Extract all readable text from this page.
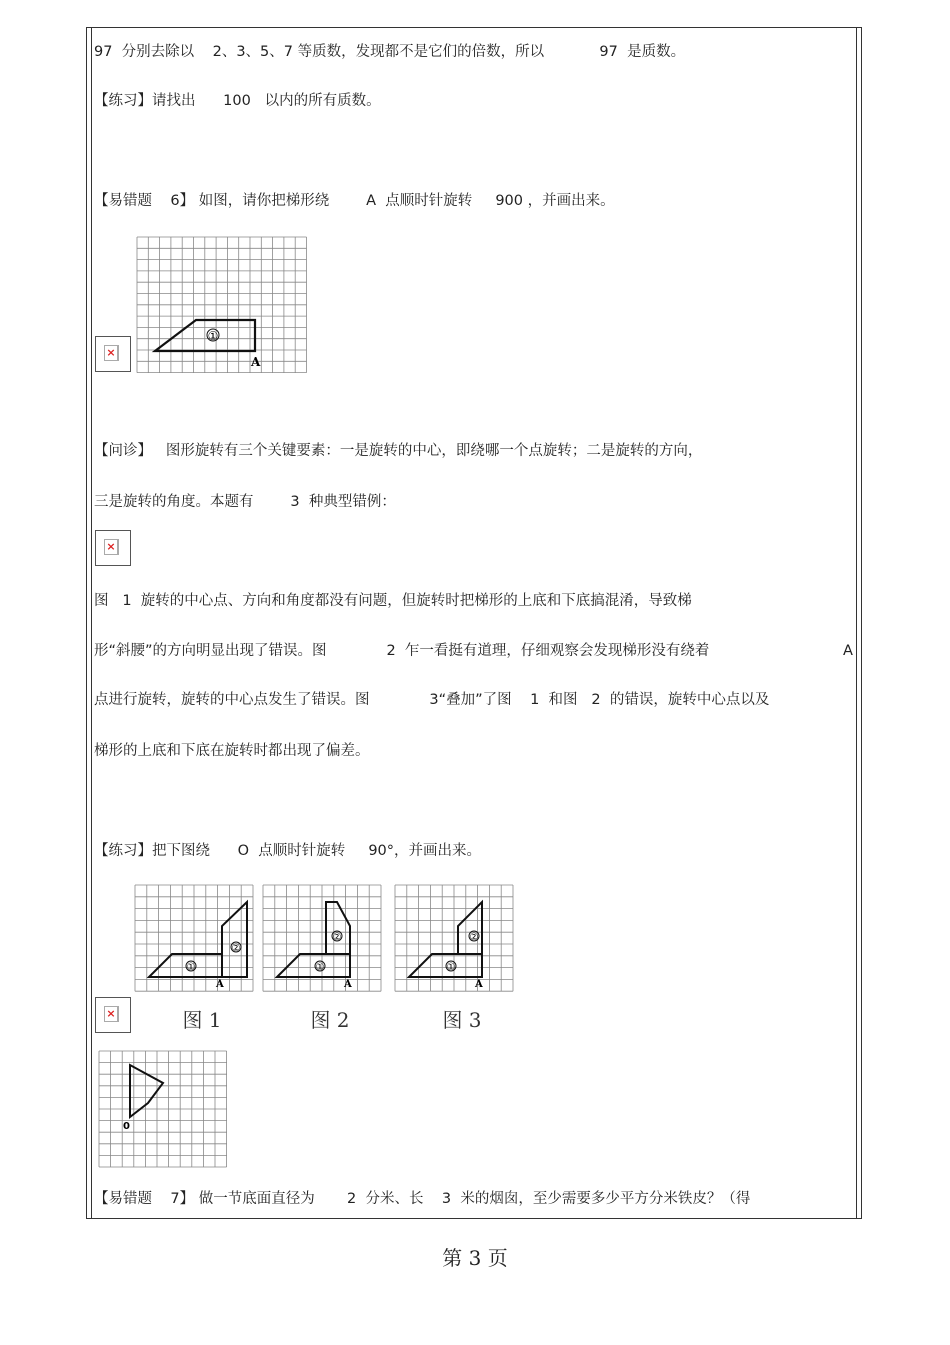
97  分别去除以    2、3、5、7 等质数，发现都不是它们的倍数，所以            97  是质数。
【练习】请找出      100   以内的所有质数。
【易错题    6】 如图，请你把梯形绕        A  点顺时针旋转     900 ，并画出来。
①
A
×
【问诊】   图形旋转有三个关键要素：一是旋转的中心，即绕哪一个点旋转；二是旋转的方向，
三是旋转的角度。本题有        3  种典型错例：
×
图   1  旋转的中心点、方向和角度都没有问题，但旋转时把梯形的上底和下底搞混淆，导致梯
形“斜腰”的方向明显出现了错误。图             2  乍一看挺有道理，仔细观察会发现梯形没有绕着	A
点进行旋转，旋转的中心点发生了错误。图             3“叠加”了图    1  和图   2  的错误，旋转中心点以及
梯形的上底和下底在旋转时都出现了偏差。
【练习】把下图绕      O  点顺时针旋转     90°，并画出来。
①
②
A
①
②
A
①
②
A
图 1	图 2	图 3
×
0
【易错题    7】 做一节底面直径为       2  分米、长    3  米的烟囱，至少需要多少平方分米铁皮？（得
第 3 页
